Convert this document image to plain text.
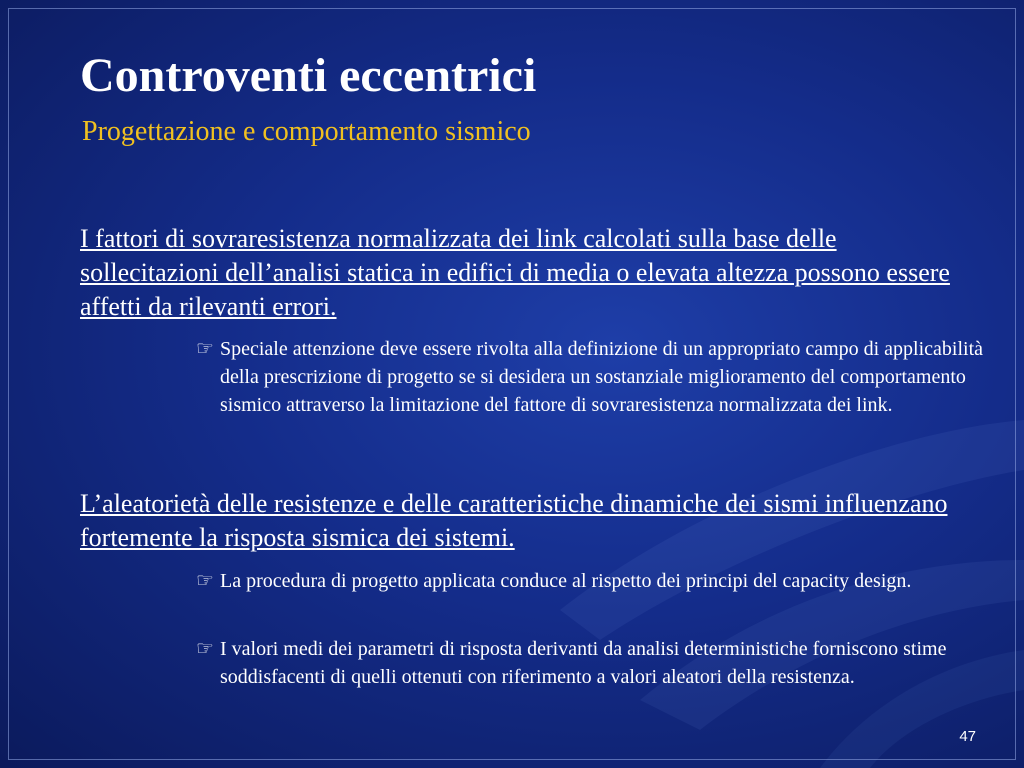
Controventi eccentrici
Progettazione e comportamento sismico
I fattori di sovraresistenza normalizzata dei link calcolati sulla base delle sollecitazioni dell’analisi statica in edifici di media o elevata altezza possono essere affetti da rilevanti errori.
☞ Speciale attenzione deve essere rivolta alla definizione di un appropriato campo di applicabilità della prescrizione di progetto se si desidera un sostanziale miglioramento del comportamento sismico attraverso la limitazione del fattore di sovraresistenza normalizzata dei link.
L’aleatorietà delle resistenze e delle caratteristiche dinamiche dei sismi influenzano fortemente la risposta sismica dei sistemi.
☞ La procedura di progetto applicata conduce al rispetto dei principi del capacity design.
☞ I valori medi dei parametri di risposta derivanti da analisi deterministiche forniscono stime soddisfacenti di quelli ottenuti con riferimento a valori aleatori della resistenza.
47
